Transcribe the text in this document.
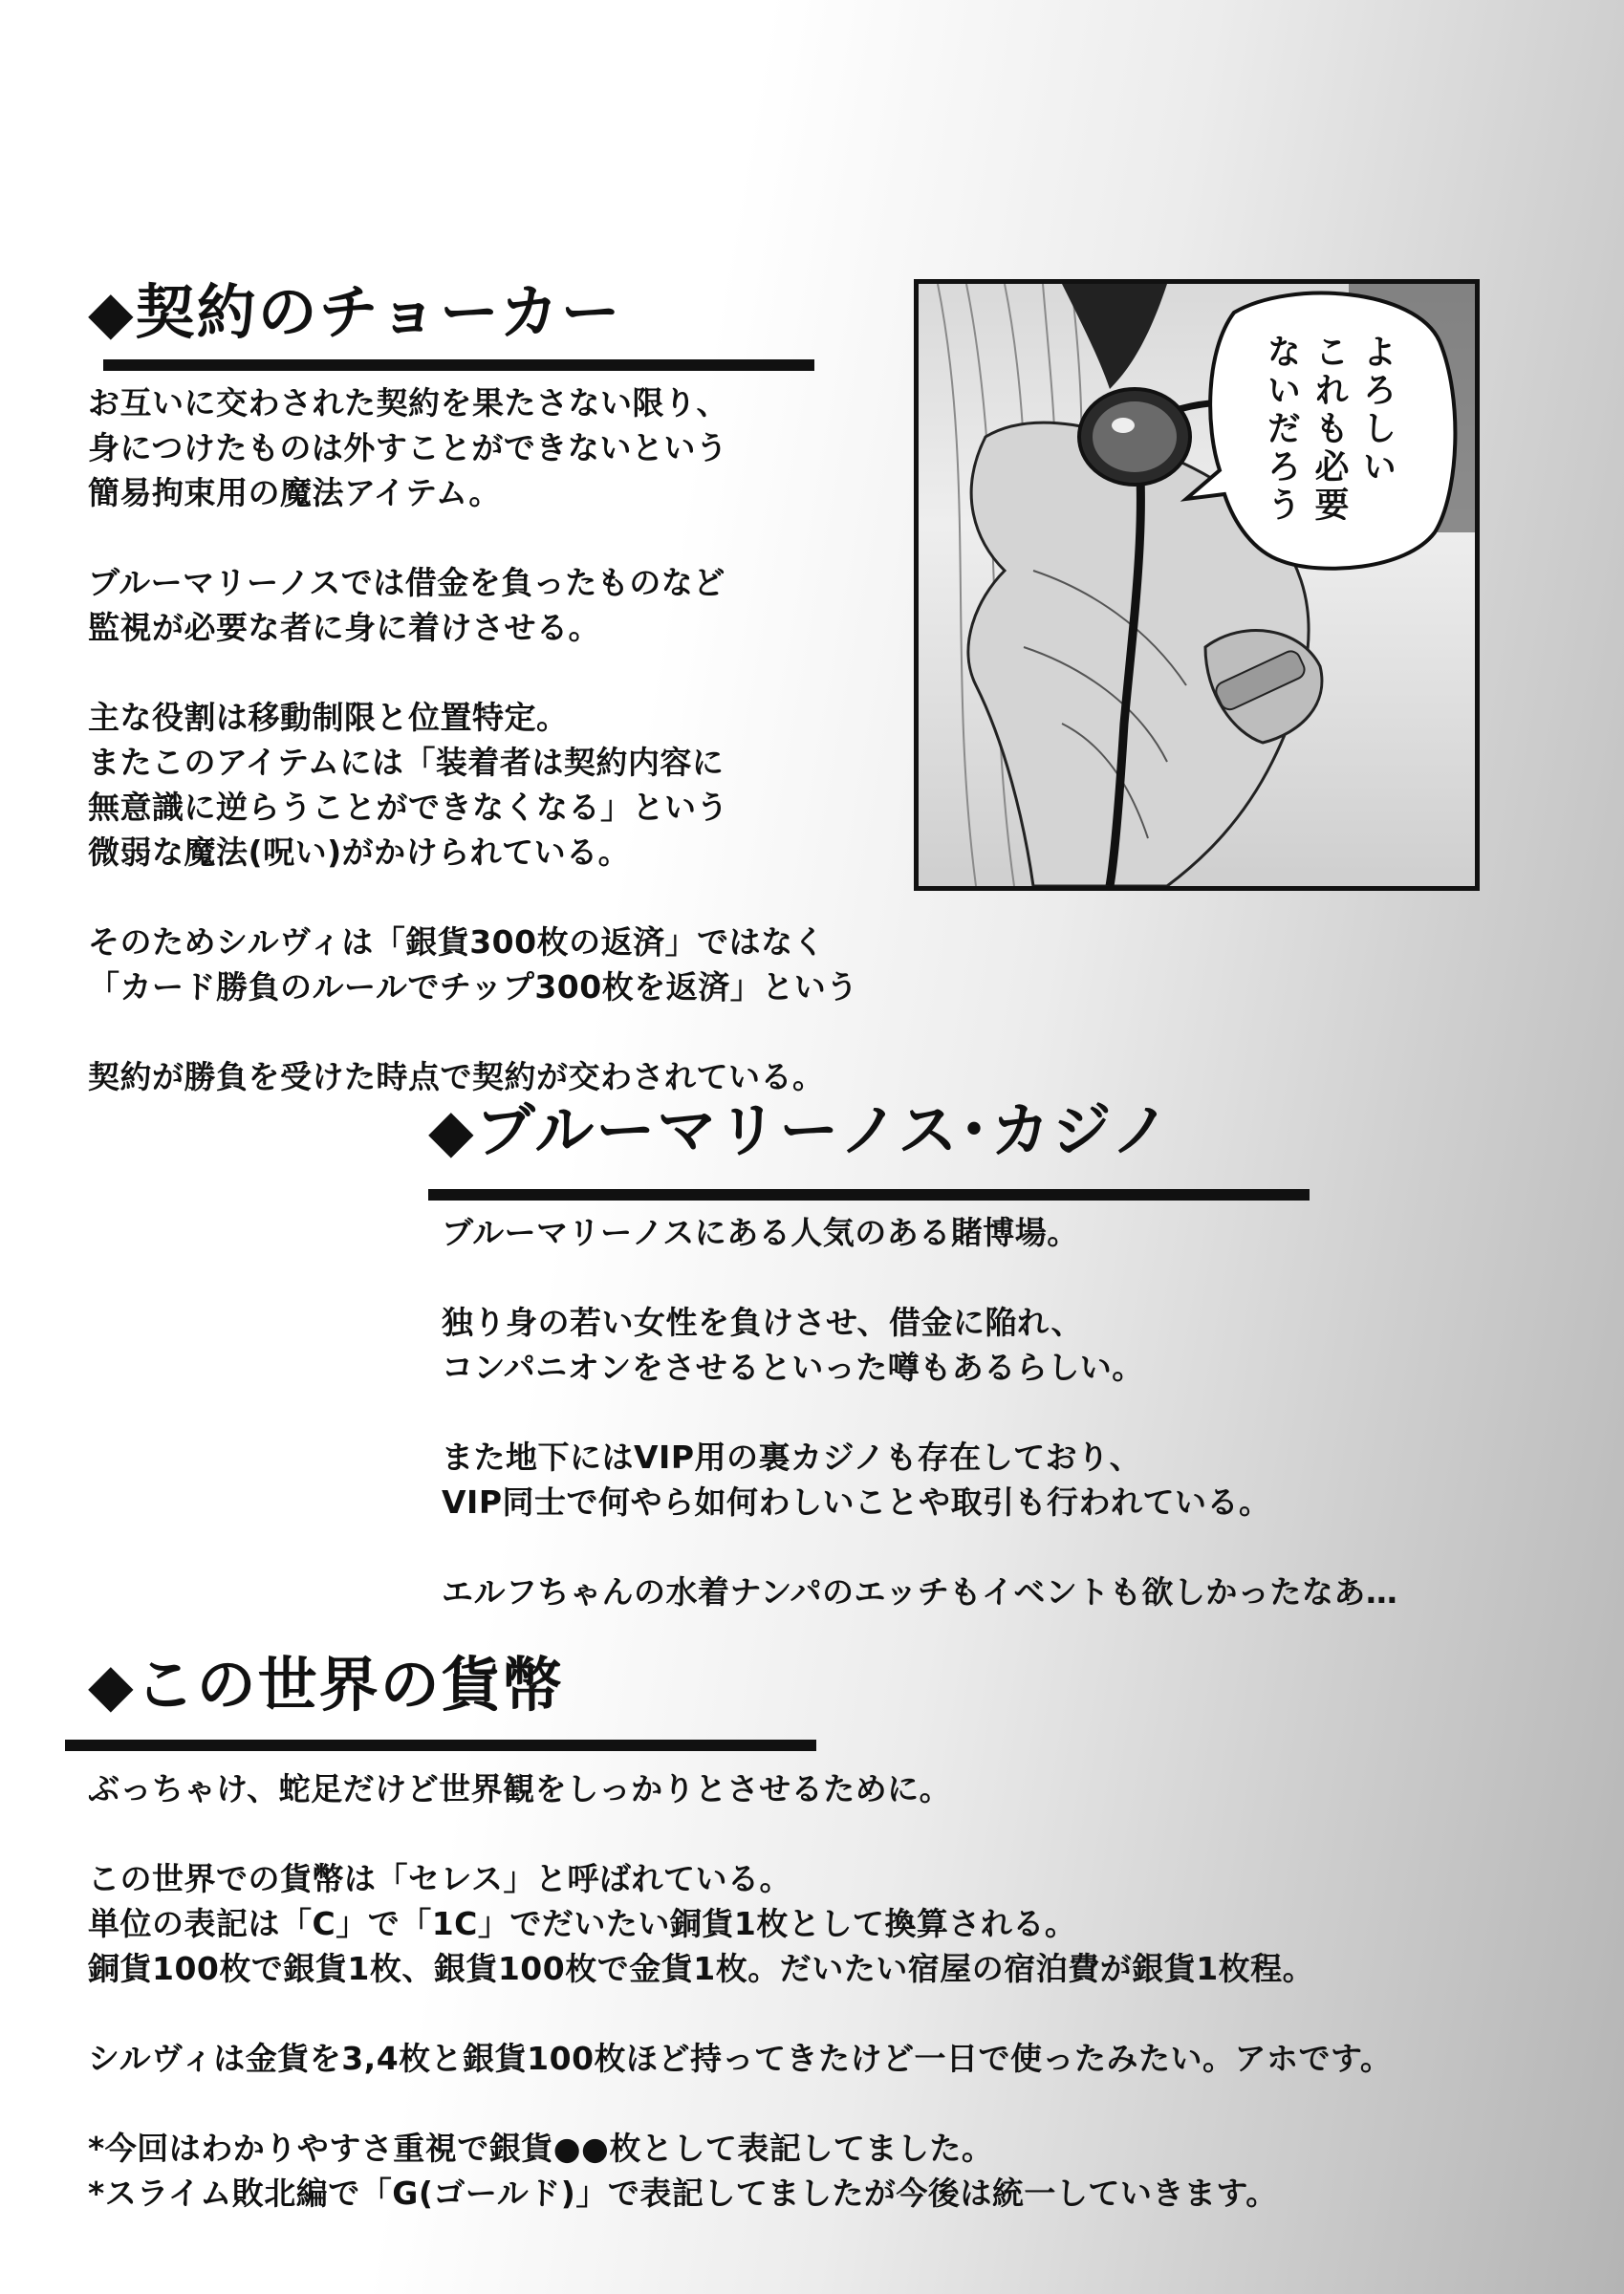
◆契約のチョーカー
お互いに交わされた契約を果たさない限り、
身につけたものは外すことができないという
簡易拘束用の魔法アイテム。
ブルーマリーノスでは借金を負ったものなど
監視が必要な者に身に着けさせる。
主な役割は移動制限と位置特定。
またこのアイテムには「装着者は契約内容に
無意識に逆らうことができなくなる」という
微弱な魔法(呪い)がかけられている。
そのためシルヴィは「銀貨300枚の返済」ではなく
「カード勝負のルールでチップ300枚を返済」という
契約が勝負を受けた時点で契約が交わされている。
よろしい
これも必要
ないだろう
◆ブルーマリーノス･カジノ
ブルーマリーノスにある人気のある賭博場。
独り身の若い女性を負けさせ、借金に陥れ、
コンパニオンをさせるといった噂もあるらしい。
また地下にはVIP用の裏カジノも存在しており、
VIP同士で何やら如何わしいことや取引も行われている。
エルフちゃんの水着ナンパのエッチもイベントも欲しかったなあ…
◆この世界の貨幣
ぶっちゃけ、蛇足だけど世界観をしっかりとさせるために。
この世界での貨幣は「セレス」と呼ばれている。
単位の表記は「C」で「1C」でだいたい銅貨1枚として換算される。
銅貨100枚で銀貨1枚、銀貨100枚で金貨1枚。だいたい宿屋の宿泊費が銀貨1枚程。
シルヴィは金貨を3,4枚と銀貨100枚ほど持ってきたけど一日で使ったみたい。アホです。
*今回はわかりやすさ重視で銀貨●●枚として表記してました。
*スライム敗北編で「G(ゴールド)」で表記してましたが今後は統一していきます。
